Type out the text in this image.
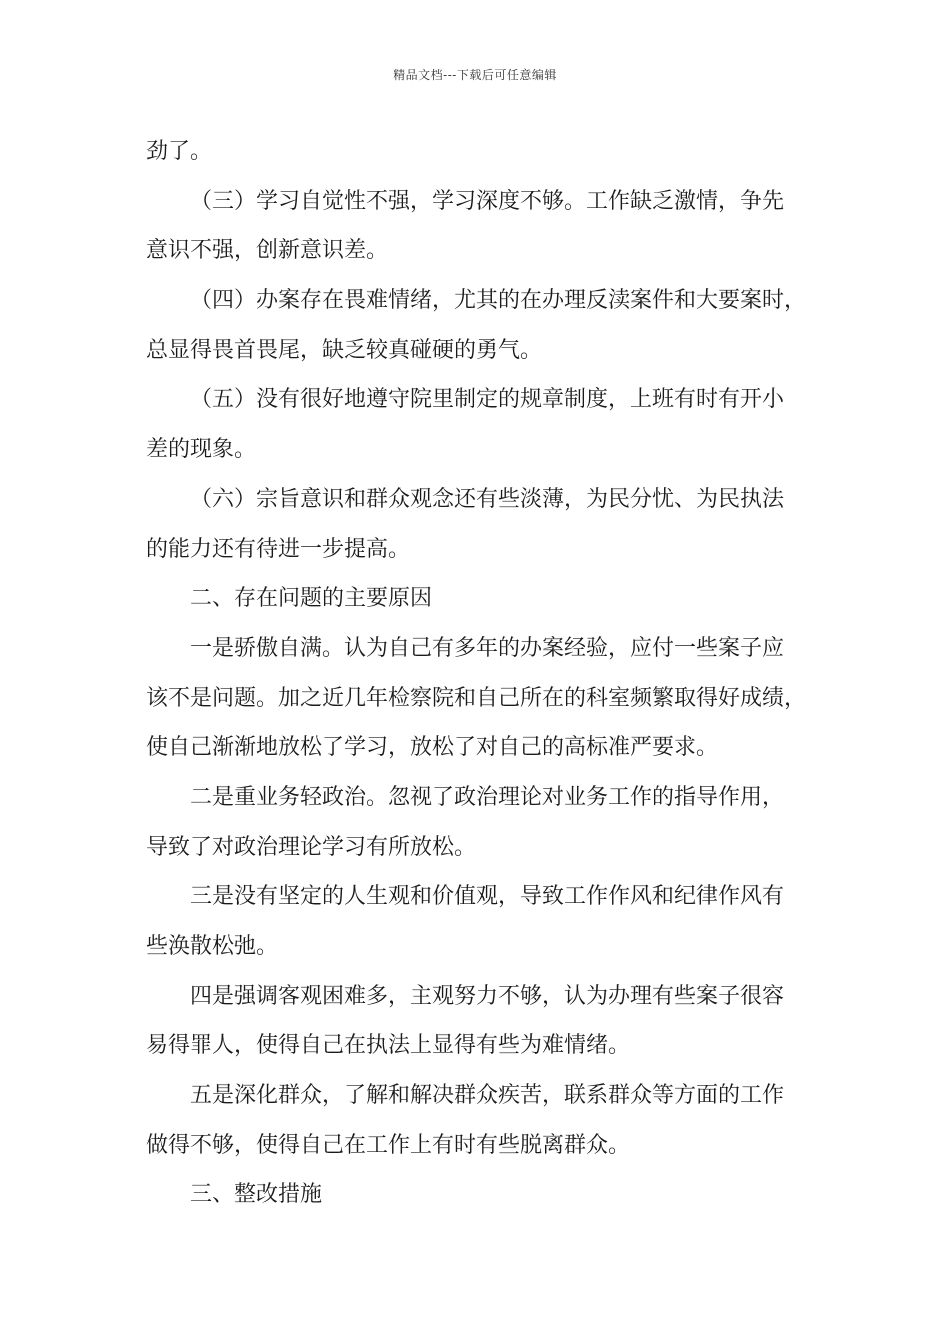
精品文档---下载后可任意编辑
劲了。
（三）学习自觉性不强，学习深度不够。工作缺乏激情，争先
意识不强，创新意识差。
（四）办案存在畏难情绪，尤其的在办理反渎案件和大要案时，
总显得畏首畏尾，缺乏较真碰硬的勇气。
（五）没有很好地遵守院里制定的规章制度，上班有时有开小
差的现象。
（六）宗旨意识和群众观念还有些淡薄，为民分忧、为民执法
的能力还有待进一步提高。
二、存在问题的主要原因
一是骄傲自满。认为自己有多年的办案经验，应付一些案子应
该不是问题。加之近几年检察院和自己所在的科室频繁取得好成绩，
使自己渐渐地放松了学习，放松了对自己的高标准严要求。
二是重业务轻政治。忽视了政治理论对业务工作的指导作用，
导致了对政治理论学习有所放松。
三是没有坚定的人生观和价值观，导致工作作风和纪律作风有
些涣散松弛。
四是强调客观困难多，主观努力不够，认为办理有些案子很容
易得罪人，使得自己在执法上显得有些为难情绪。
五是深化群众，了解和解决群众疾苦，联系群众等方面的工作
做得不够，使得自己在工作上有时有些脱离群众。
三、整改措施
